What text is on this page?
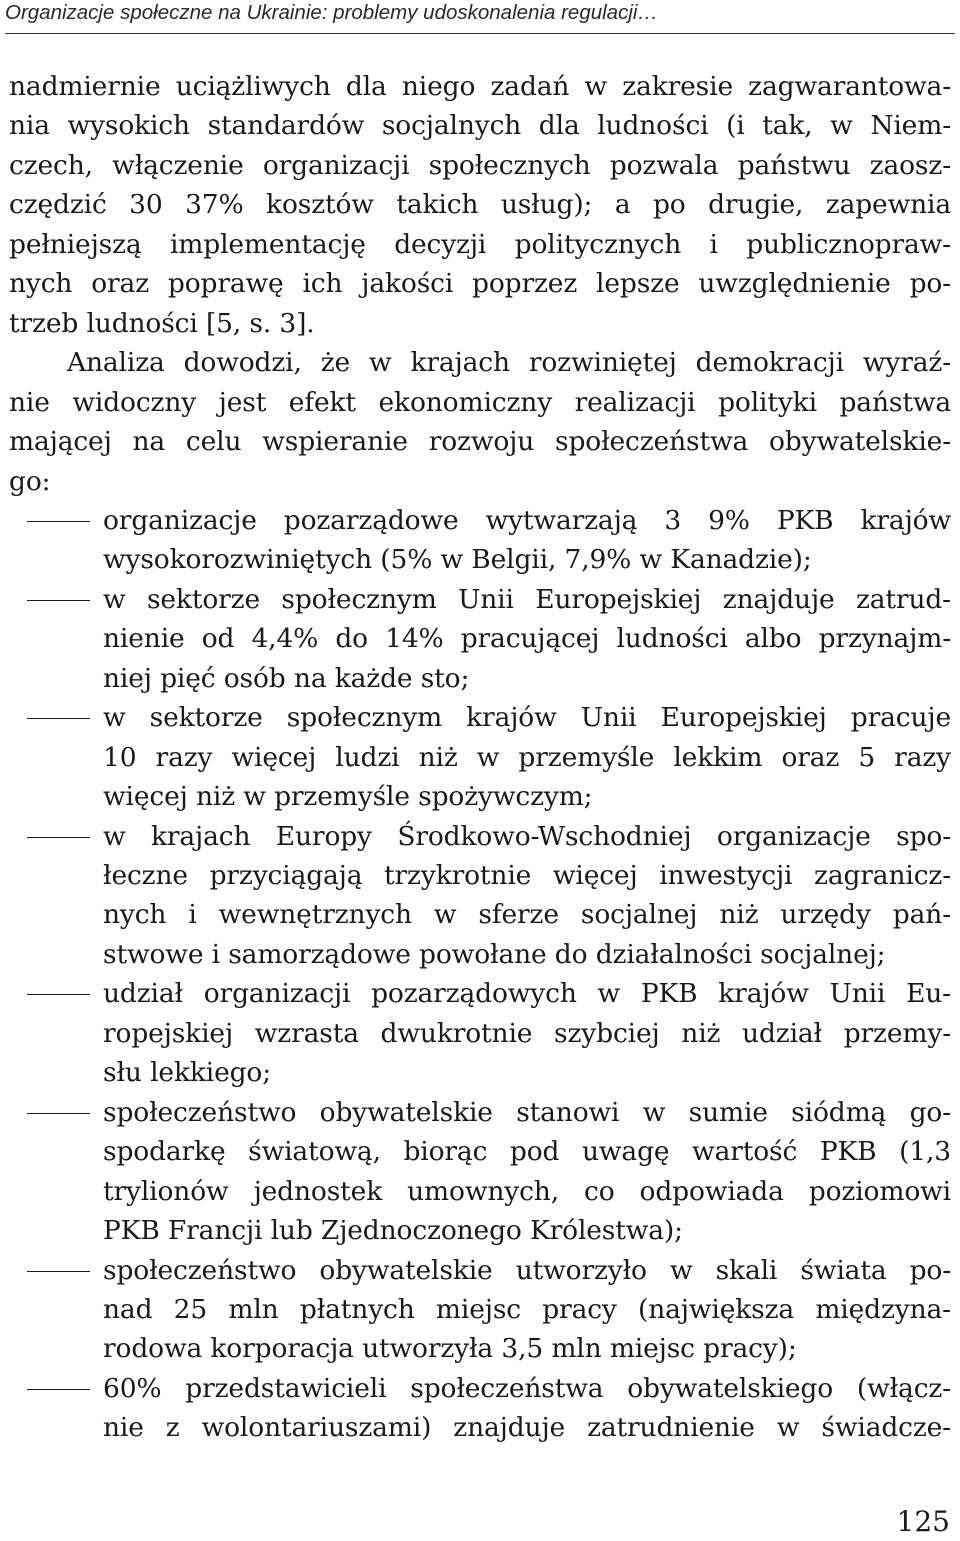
Organizacje społeczne na Ukrainie: problemy udoskonalenia regulacji…
nadmiernie uciążliwych dla niego zadań w zakresie zagwarantowa-
nia wysokich standardów socjalnych dla ludności (i tak, w Niem-
czech, włączenie organizacji społecznych pozwala państwu zaosz-
czędzić 30 37% kosztów takich usług); a po drugie, zapewnia
pełniejszą implementację decyzji politycznych i publicznopraw-
nych oraz poprawę ich jakości poprzez lepsze uwzględnienie po-
trzeb ludności [5, s. 3].
Analiza dowodzi, że w krajach rozwiniętej demokracji wyraź-
nie widoczny jest efekt ekonomiczny realizacji polityki państwa
mającej na celu wspieranie rozwoju społeczeństwa obywatelskie-
go:
organizacje pozarządowe wytwarzają 3 9% PKB krajów
wysokorozwiniętych (5% w Belgii, 7,9% w Kanadzie);
w sektorze społecznym Unii Europejskiej znajduje zatrud-
nienie od 4,4% do 14% pracującej ludności albo przynajm-
niej pięć osób na każde sto;
w sektorze społecznym krajów Unii Europejskiej pracuje
10 razy więcej ludzi niż w przemyśle lekkim oraz 5 razy
więcej niż w przemyśle spożywczym;
w krajach Europy Środkowo-Wschodniej organizacje spo-
łeczne przyciągają trzykrotnie więcej inwestycji zagranicz-
nych i wewnętrznych w sferze socjalnej niż urzędy pań-
stwowe i samorządowe powołane do działalności socjalnej;
udział organizacji pozarządowych w PKB krajów Unii Eu-
ropejskiej wzrasta dwukrotnie szybciej niż udział przemy-
słu lekkiego;
społeczeństwo obywatelskie stanowi w sumie siódmą go-
spodarkę światową, biorąc pod uwagę wartość PKB (1,3
trylionów jednostek umownych, co odpowiada poziomowi
PKB Francji lub Zjednoczonego Królestwa);
społeczeństwo obywatelskie utworzyło w skali świata po-
nad 25 mln płatnych miejsc pracy (największa międzyna-
rodowa korporacja utworzyła 3,5 mln miejsc pracy);
60% przedstawicieli społeczeństwa obywatelskiego (włącz-
nie z wolontariuszami) znajduje zatrudnienie w świadcze-
125
